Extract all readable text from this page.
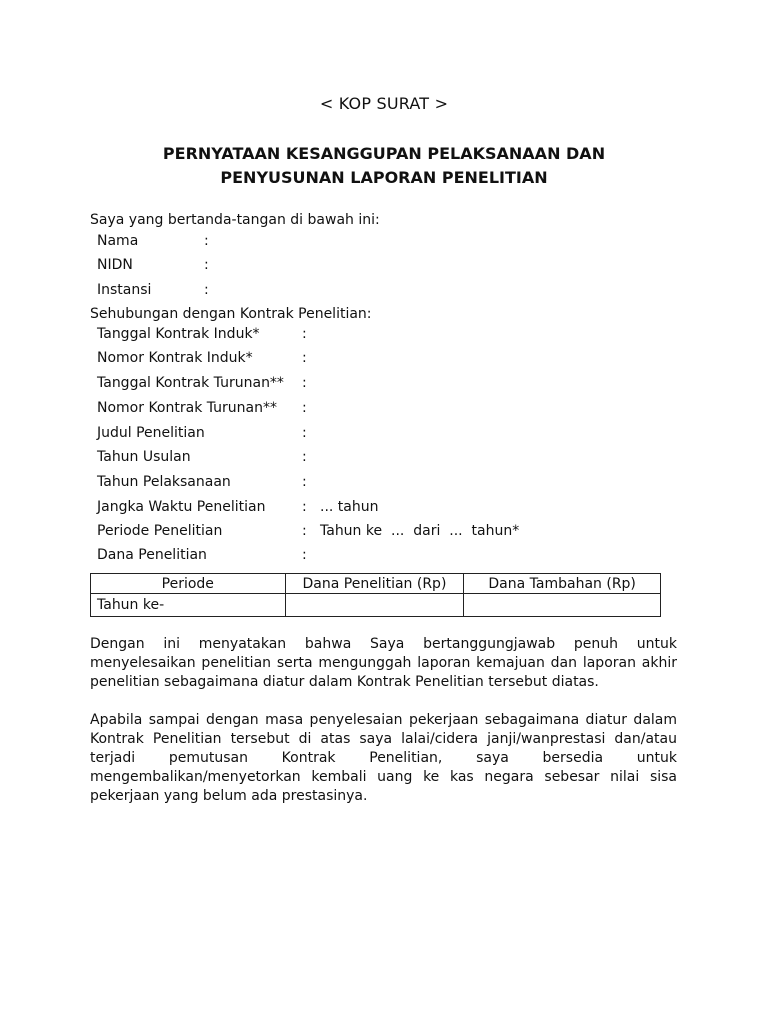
< KOP SURAT >
PERNYATAAN KESANGGUPAN PELAKSANAAN DAN
PENYUSUNAN LAPORAN PENELITIAN
Saya yang bertanda-tangan di bawah ini:
Nama	:
NIDN	:
Instansi	:
Sehubungan dengan Kontrak Penelitian:
Tanggal Kontrak Induk*	:
Nomor Kontrak Induk*	:
Tanggal Kontrak Turunan** :
Nomor Kontrak Turunan** :
Judul Penelitian	:
Tahun Usulan	:
Tahun Pelaksanaan	:
Jangka Waktu Penelitian	: ... tahun
Periode Penelitian	: Tahun ke  ...  dari  ...  tahun*
Dana Penelitian	:
Periode	Dana Penelitian (Rp)	Dana Tambahan (Rp)
Tahun ke-		
Dengan ini menyatakan bahwa Saya bertanggungjawab penuh untuk menyelesaikan penelitian serta mengunggah laporan kemajuan dan laporan akhir penelitian sebagaimana diatur dalam Kontrak Penelitian tersebut diatas.
Apabila sampai dengan masa penyelesaian pekerjaan sebagaimana diatur dalam Kontrak Penelitian tersebut di atas saya lalai/cidera janji/wanprestasi dan/atau terjadi pemutusan Kontrak Penelitian, saya bersedia untuk mengembalikan/menyetorkan kembali uang ke kas negara sebesar nilai sisa pekerjaan yang belum ada prestasinya.
